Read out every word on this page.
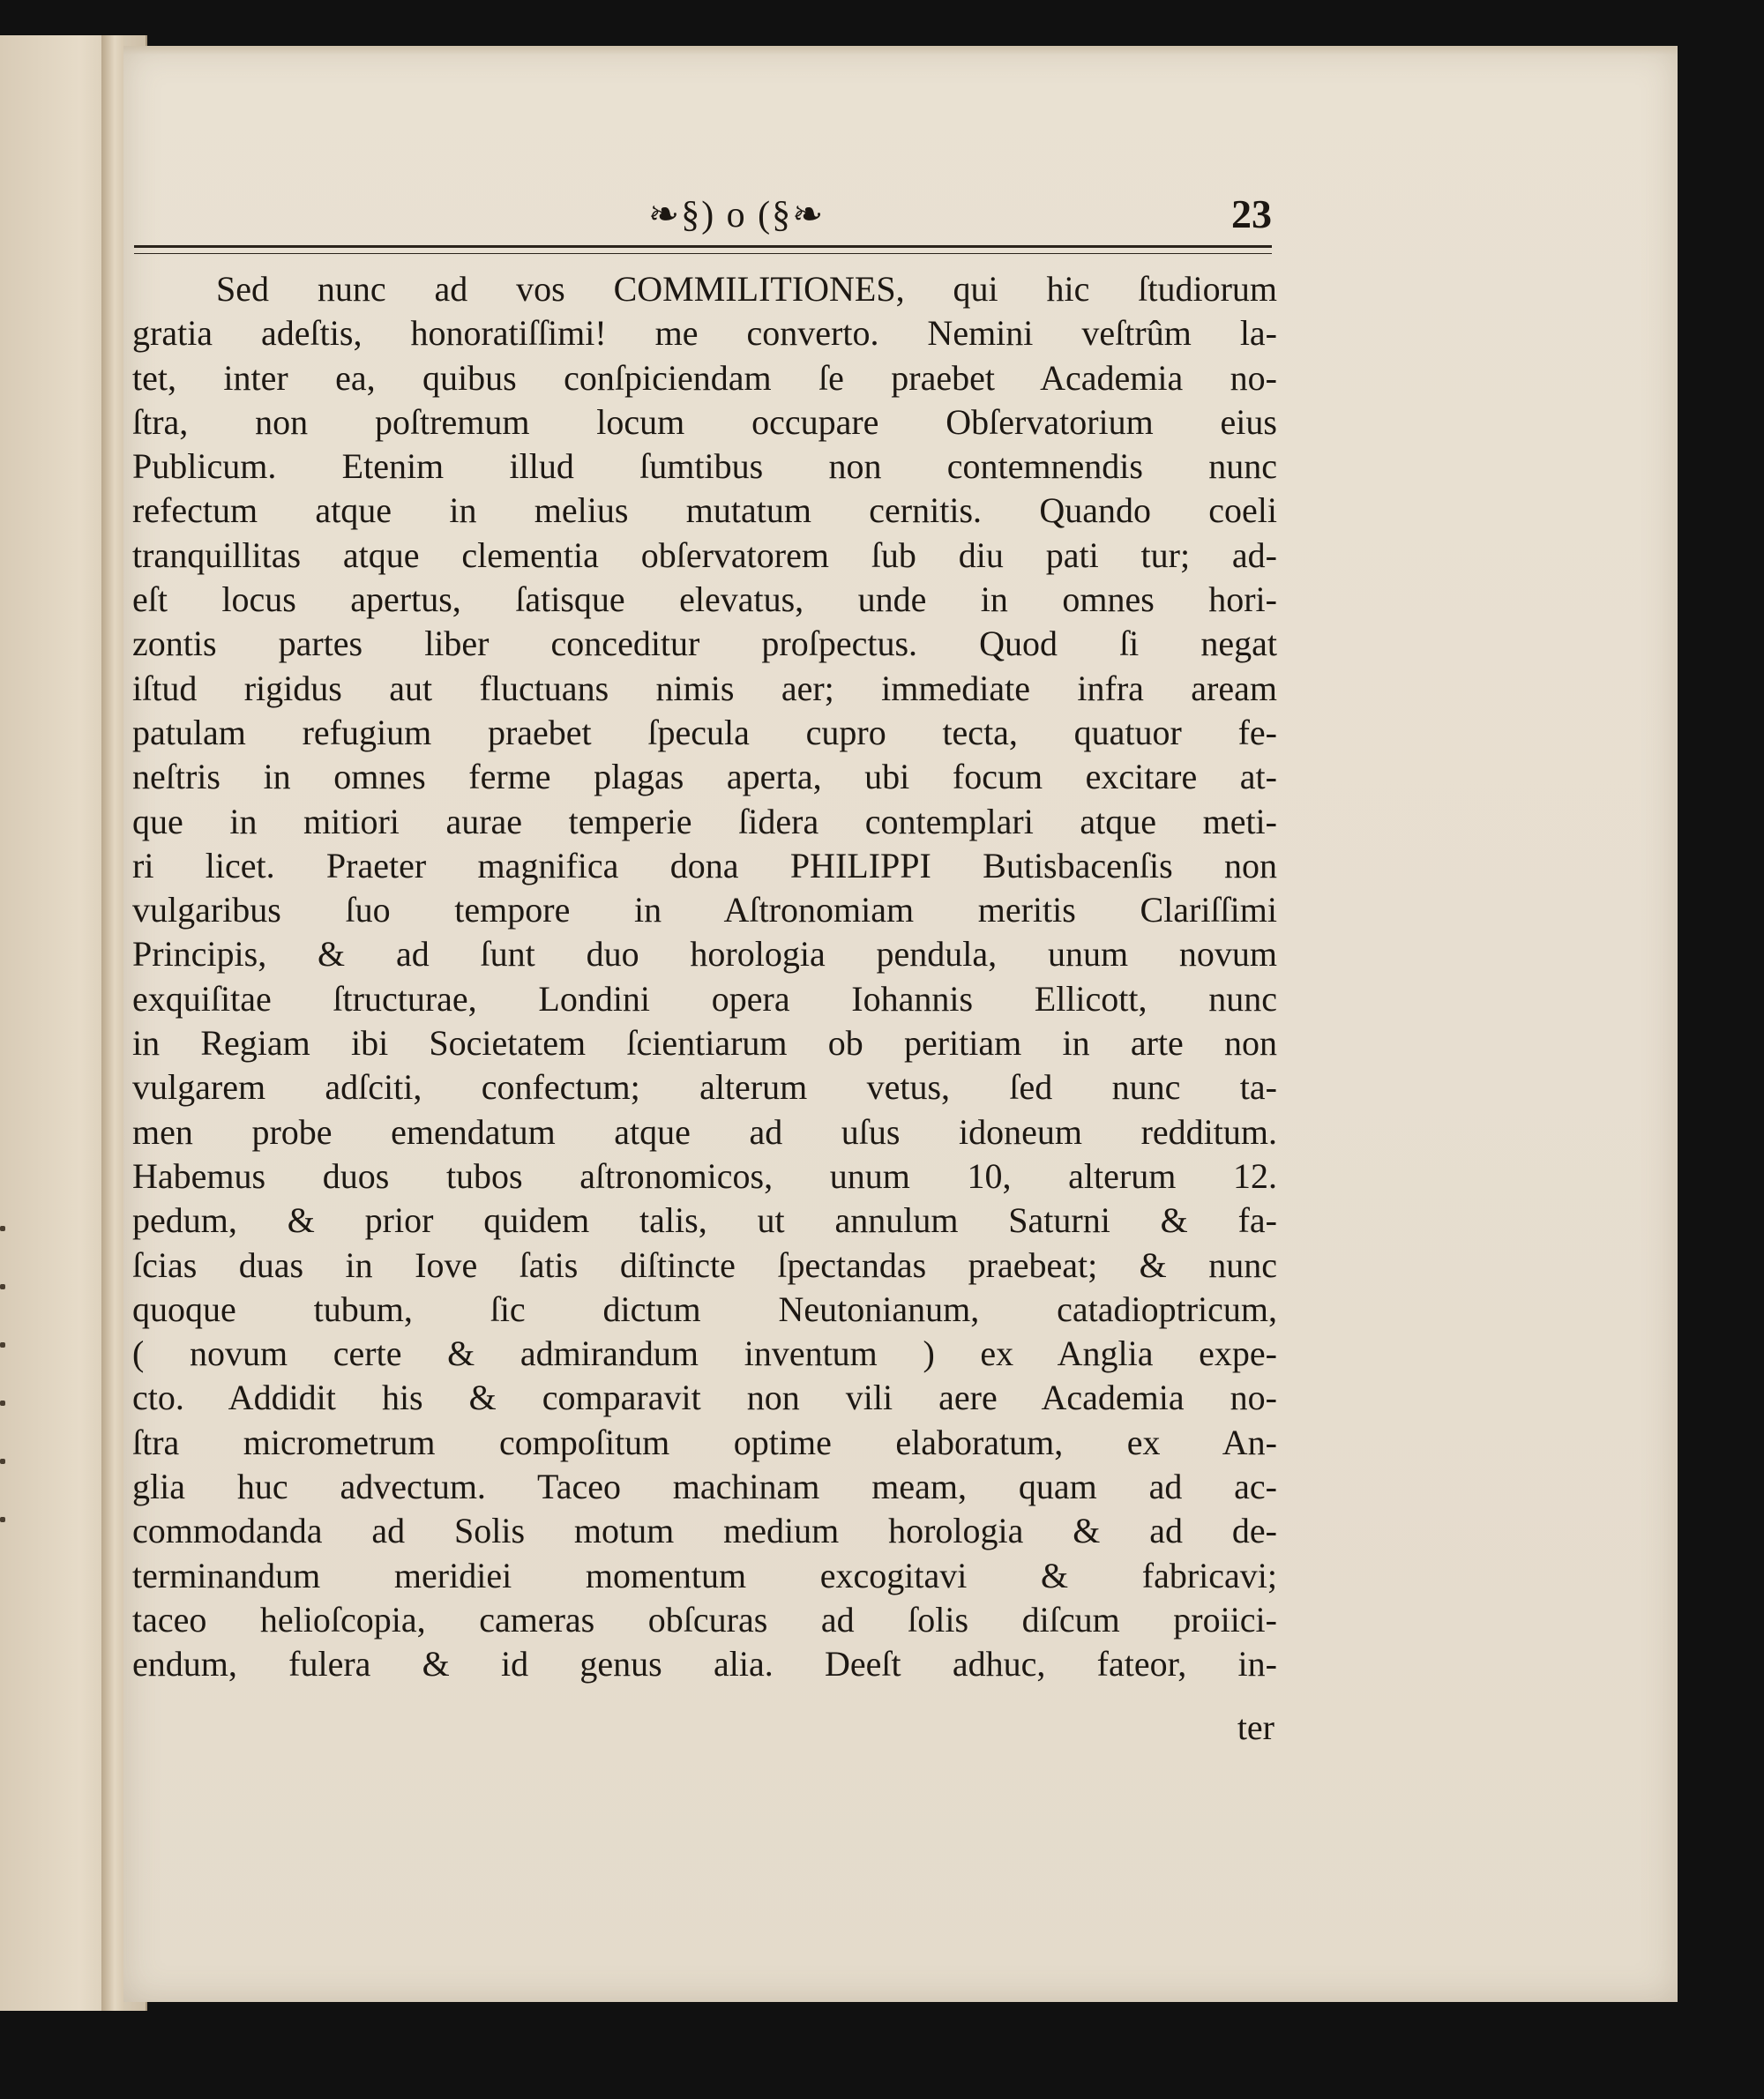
❧§) o (§❧	23
Sed nunc ad vos COMMILITIONES, qui hic ſtudiorum
gratia adeſtis, honoratiſſimi! me converto. Nemini veſtrûm la-
tet, inter ea, quibus conſpiciendam ſe praebet Academia no-
ſtra, non poſtremum locum occupare Obſervatorium eius
Publicum. Etenim illud ſumtibus non contemnendis nunc
refectum atque in melius mutatum cernitis. Quando coeli
tranquillitas atque clementia obſervatorem ſub diu pati tur; ad-
eſt locus apertus, ſatisque elevatus, unde in omnes hori-
zontis partes liber conceditur proſpectus. Quod ſi negat
iſtud rigidus aut fluctuans nimis aer; immediate infra aream
patulam refugium praebet ſpecula cupro tecta, quatuor fe-
neſtris in omnes ferme plagas aperta, ubi focum excitare at-
que in mitiori aurae temperie ſidera contemplari atque meti-
ri licet. Praeter magnifica dona PHILIPPI Butisbacenſis non
vulgaribus ſuo tempore in Aſtronomiam meritis Clariſſimi
Principis, & ad ſunt duo horologia pendula, unum novum
exquiſitae ſtructurae, Londini opera Iohannis Ellicott, nunc
in Regiam ibi Societatem ſcientiarum ob peritiam in arte non
vulgarem adſciti, confectum; alterum vetus, ſed nunc ta-
men probe emendatum atque ad uſus idoneum redditum.
Habemus duos tubos aſtronomicos, unum 10, alterum 12.
pedum, & prior quidem talis, ut annulum Saturni & fa-
ſcias duas in Iove ſatis diſtincte ſpectandas praebeat; & nunc
quoque tubum, ſic dictum Neutonianum, catadioptricum,
( novum certe & admirandum inventum ) ex Anglia expe-
cto. Addidit his & comparavit non vili aere Academia no-
ſtra micrometrum compoſitum optime elaboratum, ex An-
glia huc advectum. Taceo machinam meam, quam ad ac-
commodanda ad Solis motum medium horologia & ad de-
terminandum meridiei momentum excogitavi & fabricavi;
taceo helioſcopia, cameras obſcuras ad ſolis diſcum proiici-
endum, fulera & id genus alia. Deeſt adhuc, fateor, in-
ter
